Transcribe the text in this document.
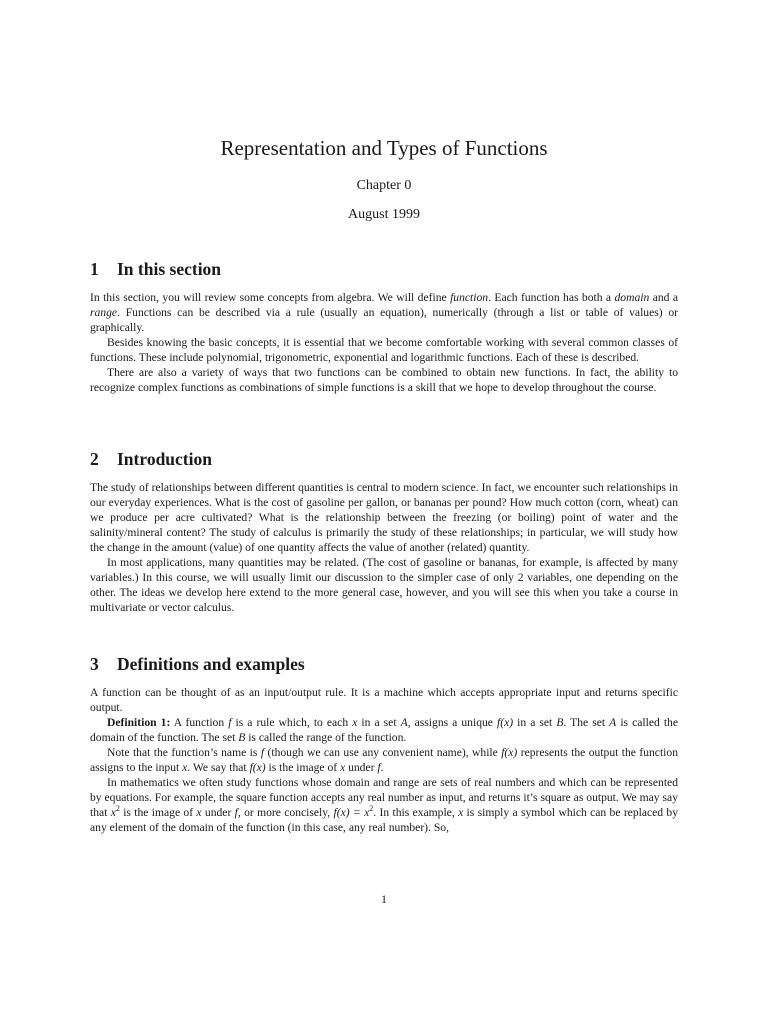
Representation and Types of Functions
Chapter 0
August 1999
1 In this section

In this section, you will review some concepts from algebra. We will define function. Each function has both a domain and a range. Functions can be described via a rule (usually an equation), numerically (through a list or table of values) or graphically.

Besides knowing the basic concepts, it is essential that we become comfortable working with several common classes of functions. These include polynomial, trigonometric, exponential and logarithmic functions. Each of these is described.

There are also a variety of ways that two functions can be combined to obtain new functions. In fact, the ability to recognize complex functions as combinations of simple functions is a skill that we hope to develop throughout the course.

2 Introduction

The study of relationships between different quantities is central to modern science. In fact, we encounter such relationships in our everyday experiences. What is the cost of gasoline per gallon, or bananas per pound? How much cotton (corn, wheat) can we produce per acre cultivated? What is the relationship between the freezing (or boiling) point of water and the salinity/mineral content? The study of calculus is primarily the study of these relationships; in particular, we will study how the change in the amount (value) of one quantity affects the value of another (related) quantity.

In most applications, many quantities may be related. (The cost of gasoline or bananas, for example, is affected by many variables.) In this course, we will usually limit our discussion to the simpler case of only 2 variables, one depending on the other. The ideas we develop here extend to the more general case, however, and you will see this when you take a course in multivariate or vector calculus.

3 Definitions and examples

A function can be thought of as an input/output rule. It is a machine which accepts appropriate input and returns specific output.

Definition 1: A function f is a rule which, to each x in a set A, assigns a unique f(x) in a set B. The set A is called the domain of the function. The set B is called the range of the function.

Note that the function’s name is f (though we can use any convenient name), while f(x) represents the output the function assigns to the input x. We say that f(x) is the image of x under f.

In mathematics we often study functions whose domain and range are sets of real numbers and which can be represented by equations. For example, the square function accepts any real number as input, and returns it’s square as output. We may say that $x^2$ is the image of x under f, or more concisely, $f(x) = x^2$. In this example, x is simply a symbol which can be replaced by any element of the domain of the function (in this case, any real number). So,

1
